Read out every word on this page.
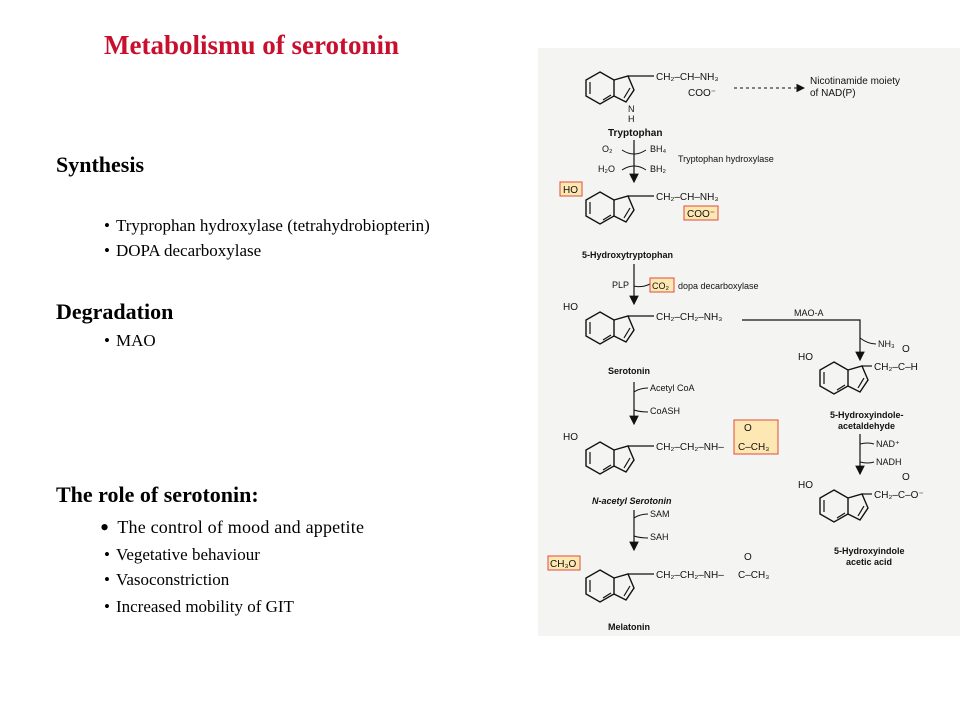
Metabolismu of serotonin
Synthesis
• Tryprophan hydroxylase (tetrahydrobiopterin)
• DOPA decarboxylase
Degradation
• MAO
The role of serotonin:
• The control of mood and appetite
• Vegetative behaviour
• Vasoconstriction
• Increased mobility of GIT
CH₂–CH–NH₃
COO⁻
N
H
Nicotinamide moiety
of NAD(P)
Tryptophan
O₂	BH₄
H₂O	BH₂
Tryptophan hydroxylase
HO
CH₂–CH–NH₃
COO⁻
5-Hydroxytryptophan
PLP	CO₂ dopa decarboxylase
HO
CH₂–CH₂–NH₃
Serotonin
MAO-A
NH₃
HO
CH₂–C–H
O
5-Hydroxyindole-
acetaldehyde
NAD⁺
NADH
HO
CH₂–C–O⁻
O
5-Hydroxyindole
acetic acid
Acetyl CoA
CoASH
HO
CH₂–CH₂–NH–
O
C–CH₃
N-acetyl Serotonin
SAM
SAH
CH₃O
CH₂–CH₂–NH–
O
C–CH₃
Melatonin
